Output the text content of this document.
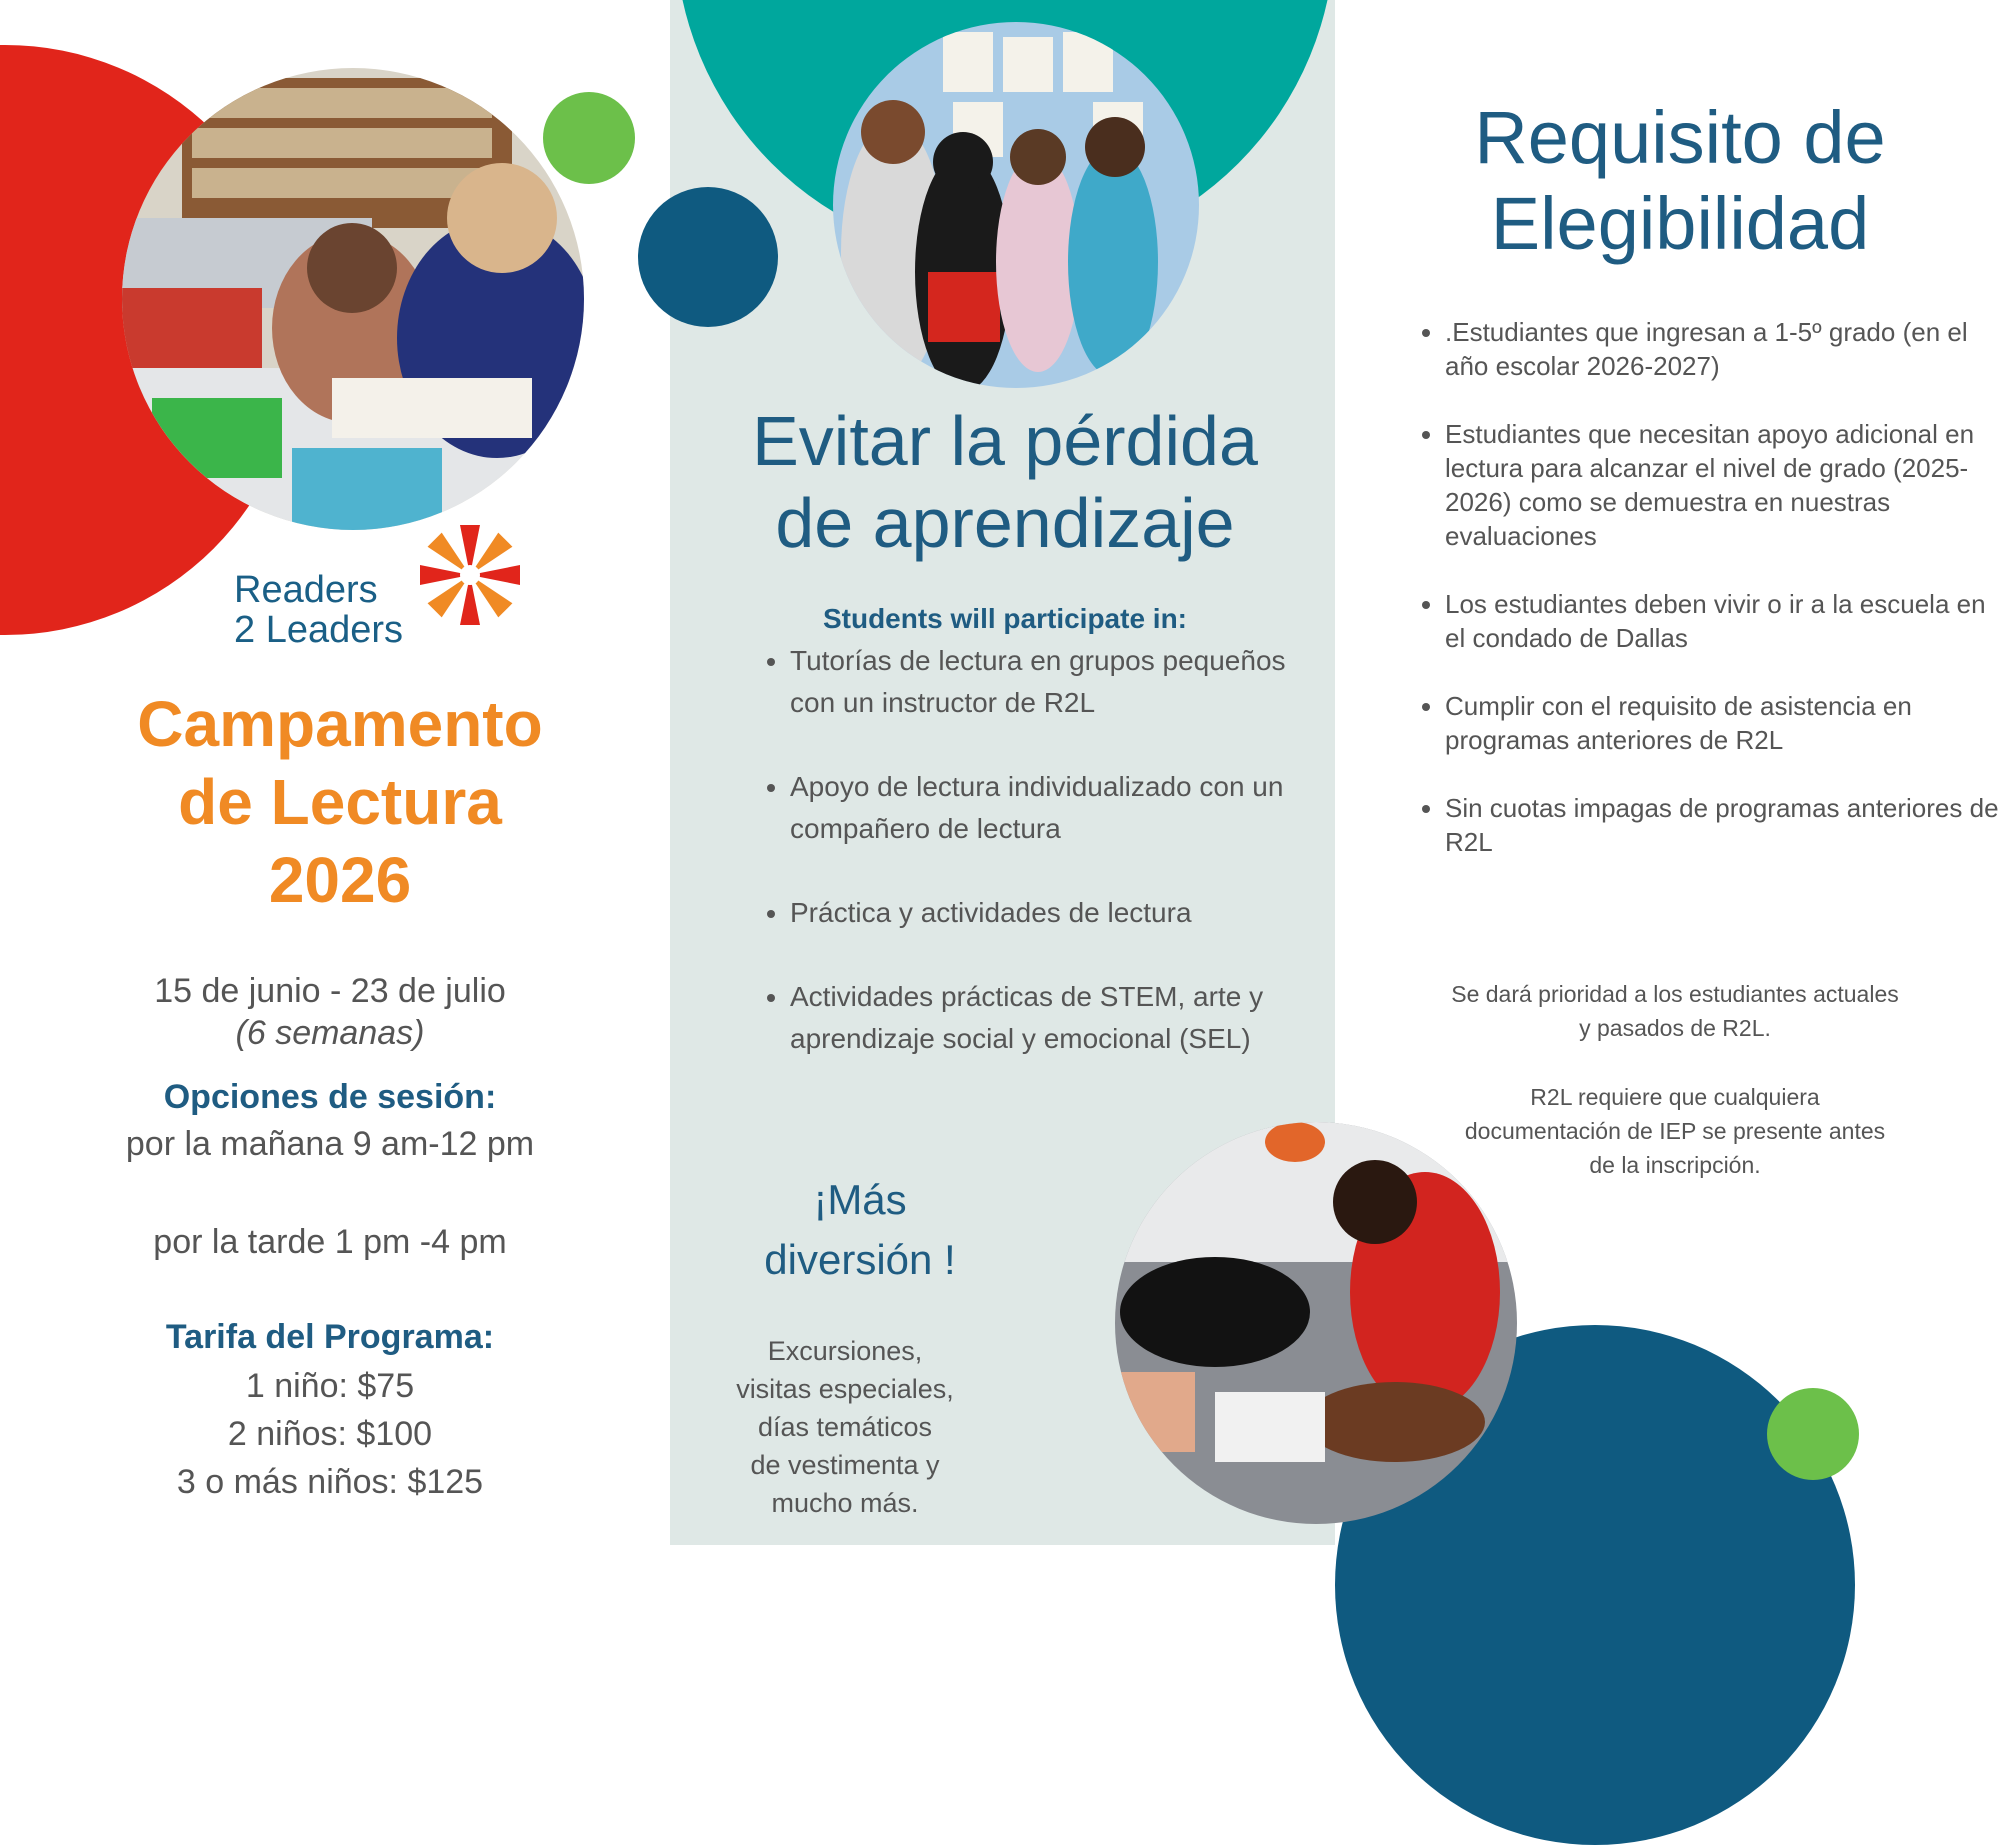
Readers
2 Leaders
Campamento
de Lectura
2026
15 de junio - 23 de julio
(6 semanas)
Opciones de sesión:
por la mañana 9 am-12 pm
por la tarde 1 pm -4 pm
Tarifa del Programa:
1 niño: $75
2 niños: $100
3 o más niños: $125
Evitar la pérdida
de aprendizaje
Students will participate in:
• Tutorías de lectura en grupos pequeños con un instructor de R2L
• Apoyo de lectura individualizado con un compañero de lectura
• Práctica y actividades de lectura
• Actividades prácticas de STEM, arte y aprendizaje social y emocional (SEL)
¡Más
diversión !
Excursiones,
visitas especiales,
días temáticos
de vestimenta y
mucho más.
Requisito de
Elegibilidad
• .Estudiantes que ingresan a 1-5º grado (en el año escolar 2026-2027)
• Estudiantes que necesitan apoyo adicional en lectura para alcanzar el nivel de grado (2025-2026) como se demuestra en nuestras evaluaciones
• Los estudiantes deben vivir o ir a la escuela en el condado de Dallas
• Cumplir con el requisito de asistencia en programas anteriores de R2L
• Sin cuotas impagas de programas anteriores de R2L
Se dará prioridad a los estudiantes actuales
y pasados de R2L.
R2L requiere que cualquiera
documentación de IEP se presente antes
de la inscripción.
